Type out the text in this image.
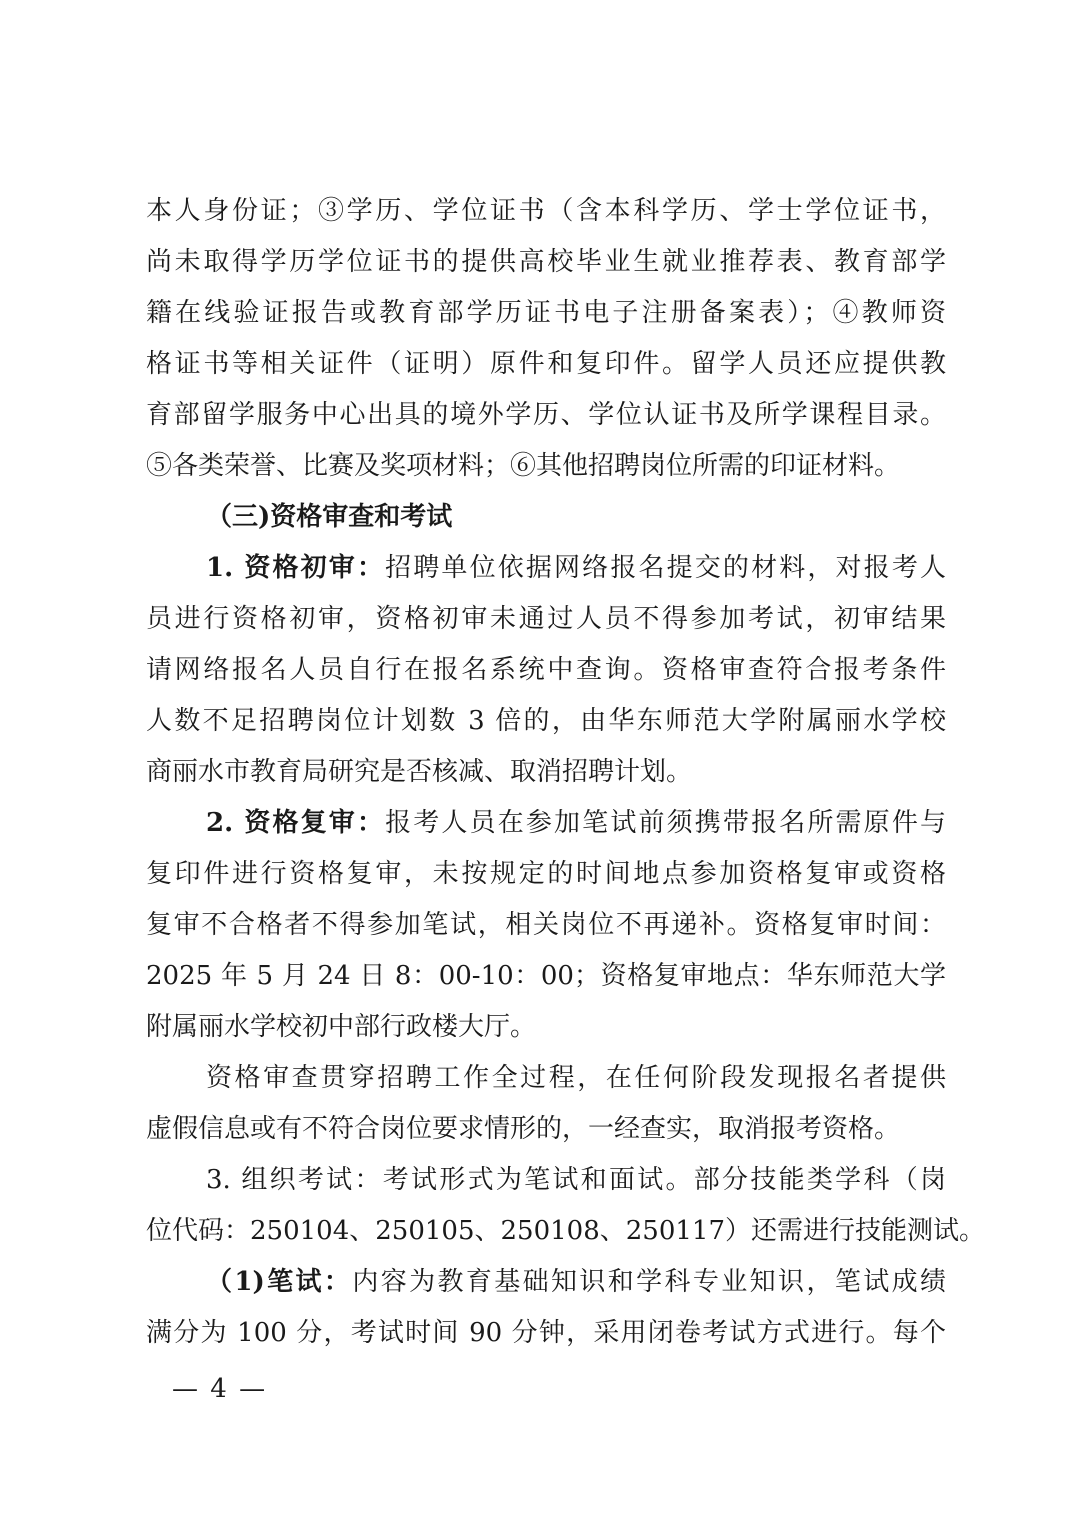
本人身份证；③学历、学位证书（含本科学历、学士学位证书，
尚未取得学历学位证书的提供高校毕业生就业推荐表、教育部学
籍在线验证报告或教育部学历证书电子注册备案表）；④教师资
格证书等相关证件（证明）原件和复印件。留学人员还应提供教
育部留学服务中心出具的境外学历、学位认证书及所学课程目录。
⑤各类荣誉、比赛及奖项材料；⑥其他招聘岗位所需的印证材料。
（三)资格审查和考试
1. 资格初审：招聘单位依据网络报名提交的材料，对报考人
员进行资格初审，资格初审未通过人员不得参加考试，初审结果
请网络报名人员自行在报名系统中查询。资格审查符合报考条件
人数不足招聘岗位计划数 3 倍的，由华东师范大学附属丽水学校
商丽水市教育局研究是否核减、取消招聘计划。
2. 资格复审：报考人员在参加笔试前须携带报名所需原件与
复印件进行资格复审，未按规定的时间地点参加资格复审或资格
复审不合格者不得参加笔试，相关岗位不再递补。资格复审时间：
2025 年 5 月 24 日 8：00-10：00；资格复审地点：华东师范大学
附属丽水学校初中部行政楼大厅。
资格审查贯穿招聘工作全过程，在任何阶段发现报名者提供
虚假信息或有不符合岗位要求情形的，一经查实，取消报考资格。
3. 组织考试：考试形式为笔试和面试。部分技能类学科（岗
位代码：250104、250105、250108、250117）还需进行技能测试。
（1)笔试：内容为教育基础知识和学科专业知识，笔试成绩
满分为 100 分，考试时间 90 分钟，采用闭卷考试方式进行。每个
— 4 —
